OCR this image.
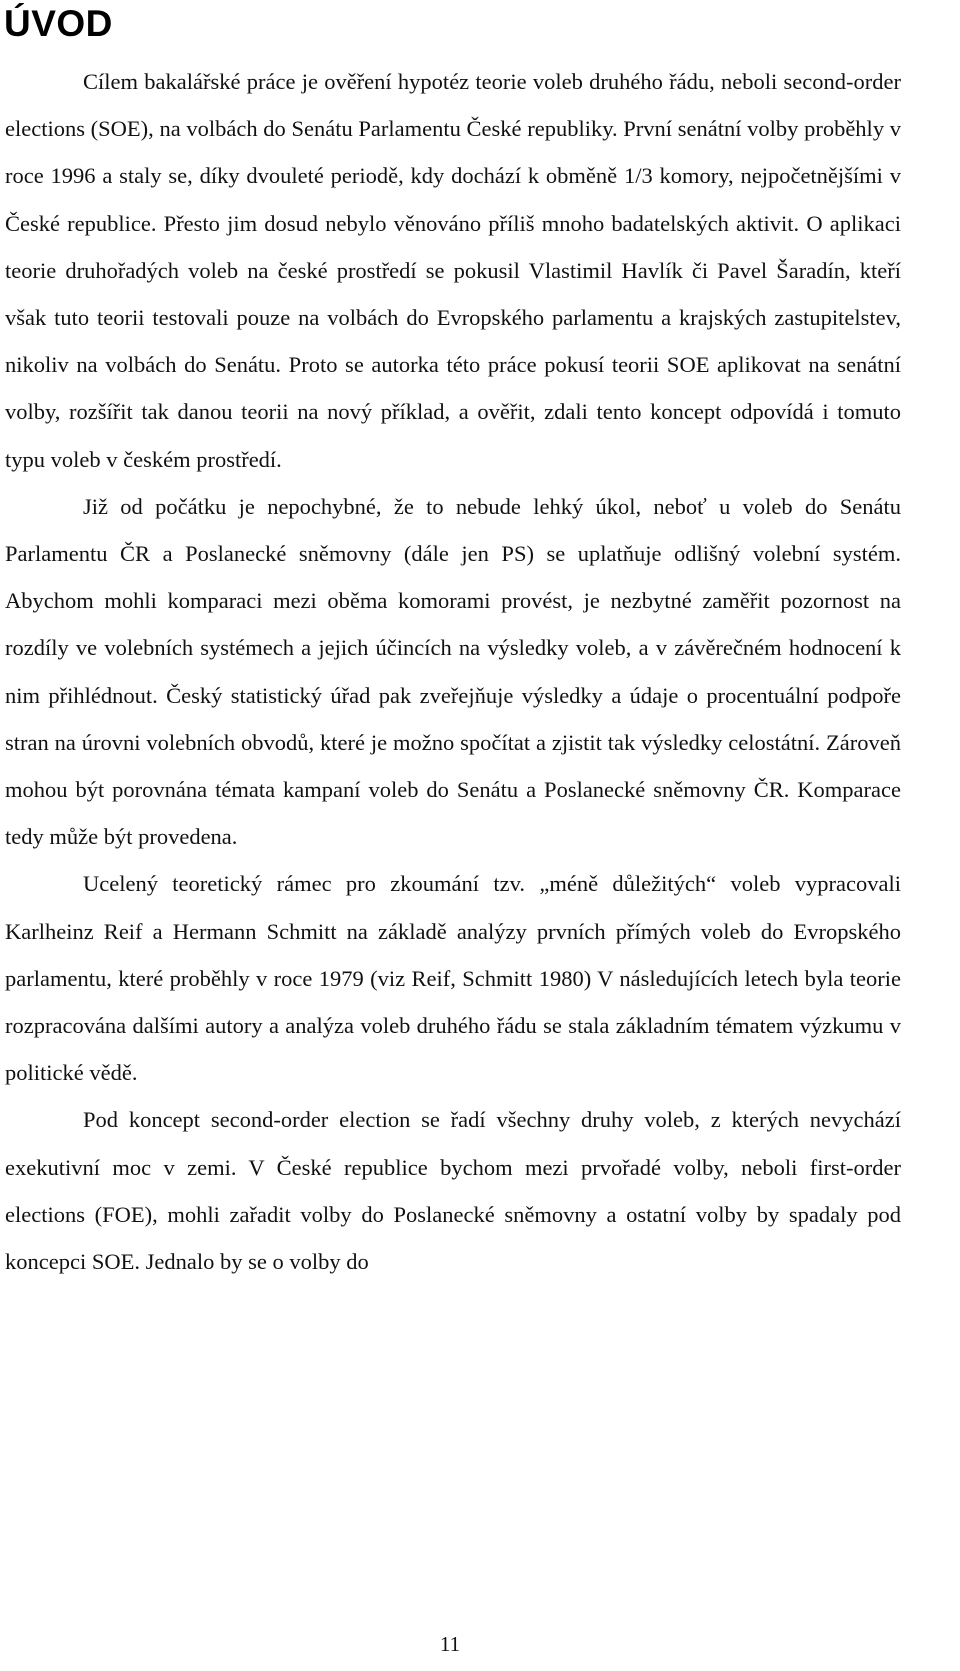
ÚVOD

Cílem bakalářské práce je ověření hypotéz teorie voleb druhého řádu, neboli second-order elections (SOE), na volbách do Senátu Parlamentu České republiky. První senátní volby proběhly v roce 1996 a staly se, díky dvouleté periodě, kdy dochází k obměně 1/3 komory, nejpočetnějšími v České republice. Přesto jim dosud nebylo věnováno příliš mnoho badatelských aktivit. O aplikaci teorie druhořadých voleb na české prostředí se pokusil Vlastimil Havlík či Pavel Šaradín, kteří však tuto teorii testovali pouze na volbách do Evropského parlamentu a krajských zastupitelstev, nikoliv na volbách do Senátu. Proto se autorka této práce pokusí teorii SOE aplikovat na senátní volby, rozšířit tak danou teorii na nový příklad, a ověřit, zdali tento koncept odpovídá i tomuto typu voleb v českém prostředí.

Již od počátku je nepochybné, že to nebude lehký úkol, neboť u voleb do Senátu Parlamentu ČR a Poslanecké sněmovny (dále jen PS) se uplatňuje odlišný volební systém. Abychom mohli komparaci mezi oběma komorami provést, je nezbytné zaměřit pozornost na rozdíly ve volebních systémech a jejich účincích na výsledky voleb, a v závěrečném hodnocení k nim přihlédnout. Český statistický úřad pak zveřejňuje výsledky a údaje o procentuální podpoře stran na úrovni volebních obvodů, které je možno spočítat a zjistit tak výsledky celostátní. Zároveň mohou být porovnána témata kampaní voleb do Senátu a Poslanecké sněmovny ČR. Komparace tedy může být provedena.

Ucelený teoretický rámec pro zkoumání tzv. „méně důležitých“ voleb vypracovali Karlheinz Reif a Hermann Schmitt na základě analýzy prvních přímých voleb do Evropského parlamentu, které proběhly v roce 1979 (viz Reif, Schmitt 1980) V následujících letech byla teorie rozpracována dalšími autory a analýza voleb druhého řádu se stala základním tématem výzkumu v politické vědě.

Pod koncept second-order election se řadí všechny druhy voleb, z kterých nevychází exekutivní moc v zemi. V České republice bychom mezi prvořadé volby, neboli first-order elections (FOE), mohli zařadit volby do Poslanecké sněmovny a ostatní volby by spadaly pod koncepci SOE. Jednalo by se o volby do

11
